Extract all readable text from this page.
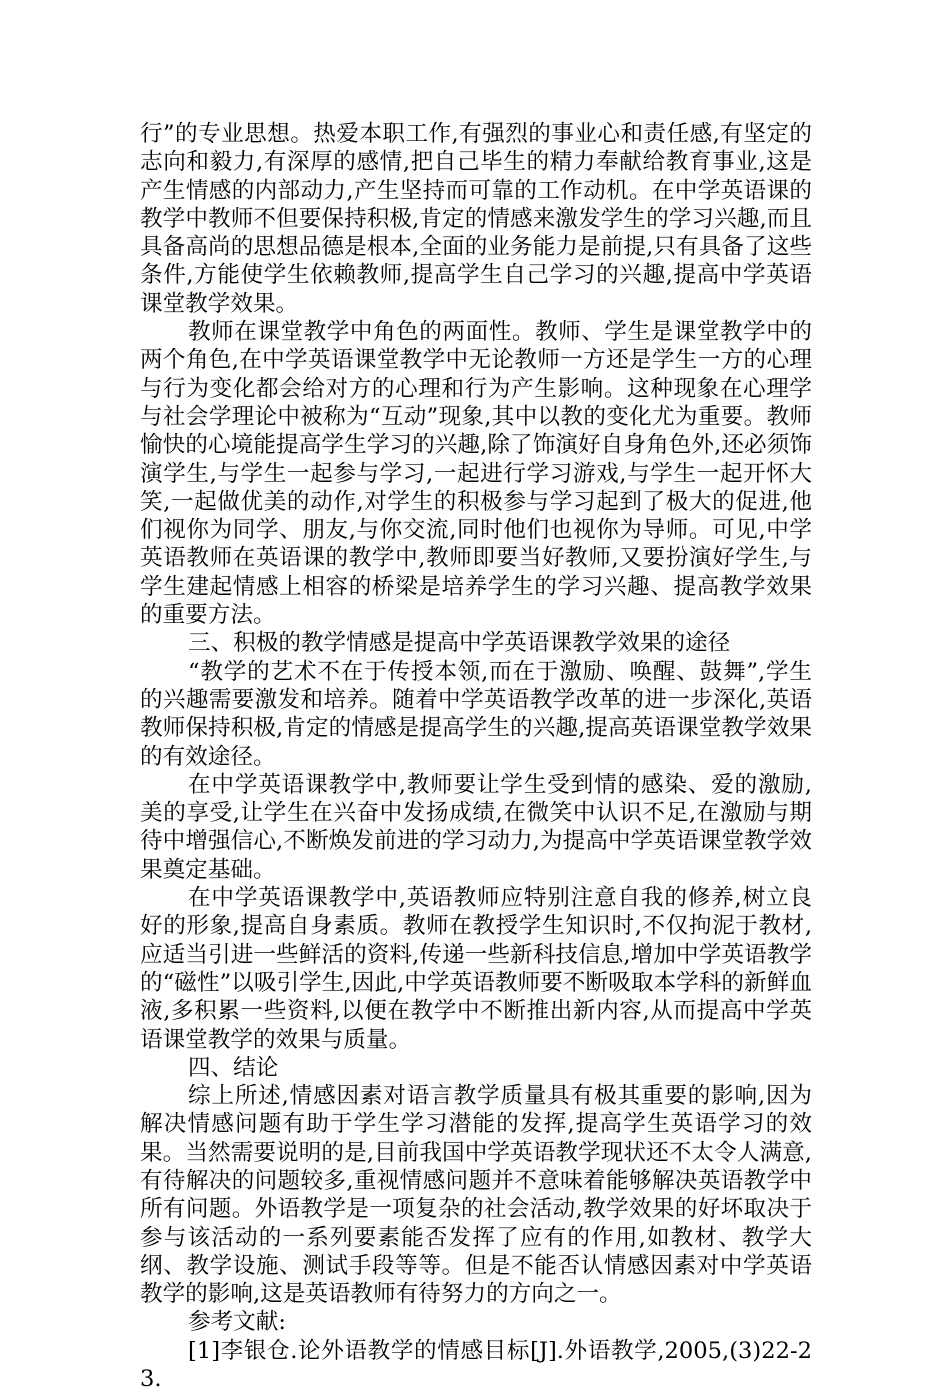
行”的专业思想。热爱本职工作,有强烈的事业心和责任感,有坚定的志向和毅力,有深厚的感情,把自己毕生的精力奉献给教育事业,这是产生情感的内部动力,产生坚持而可靠的工作动机。在中学英语课的教学中教师不但要保持积极,肯定的情感来激发学生的学习兴趣,而且具备高尚的思想品德是根本,全面的业务能力是前提,只有具备了这些条件,方能使学生依赖教师,提高学生自己学习的兴趣,提高中学英语课堂教学效果。

教师在课堂教学中角色的两面性。教师、学生是课堂教学中的两个角色,在中学英语课堂教学中无论教师一方还是学生一方的心理与行为变化都会给对方的心理和行为产生影响。这种现象在心理学与社会学理论中被称为“互动”现象,其中以教的变化尤为重要。教师愉快的心境能提高学生学习的兴趣,除了饰演好自身角色外,还必须饰演学生,与学生一起参与学习,一起进行学习游戏,与学生一起开怀大笑,一起做优美的动作,对学生的积极参与学习起到了极大的促进,他们视你为同学、朋友,与你交流,同时他们也视你为导师。可见,中学英语教师在英语课的教学中,教师即要当好教师,又要扮演好学生,与学生建起情感上相容的桥梁是培养学生的学习兴趣、提高教学效果的重要方法。

三、积极的教学情感是提高中学英语课教学效果的途径

“教学的艺术不在于传授本领,而在于激励、唤醒、鼓舞”,学生的兴趣需要激发和培养。随着中学英语教学改革的进一步深化,英语教师保持积极,肯定的情感是提高学生的兴趣,提高英语课堂教学效果的有效途径。

在中学英语课教学中,教师要让学生受到情的感染、爱的激励,美的享受,让学生在兴奋中发扬成绩,在微笑中认识不足,在激励与期待中增强信心,不断焕发前进的学习动力,为提高中学英语课堂教学效果奠定基础。

在中学英语课教学中,英语教师应特别注意自我的修养,树立良好的形象,提高自身素质。教师在教授学生知识时,不仅拘泥于教材,应适当引进一些鲜活的资料,传递一些新科技信息,增加中学英语教学的“磁性”以吸引学生,因此,中学英语教师要不断吸取本学科的新鲜血液,多积累一些资料,以便在教学中不断推出新内容,从而提高中学英语课堂教学的效果与质量。

四、结论

综上所述,情感因素对语言教学质量具有极其重要的影响,因为解决情感问题有助于学生学习潜能的发挥,提高学生英语学习的效果。当然需要说明的是,目前我国中学英语教学现状还不太令人满意,有待解决的问题较多,重视情感问题并不意味着能够解决英语教学中所有问题。外语教学是一项复杂的社会活动,教学效果的好坏取决于参与该活动的一系列要素能否发挥了应有的作用,如教材、教学大纲、教学设施、测试手段等等。但是不能否认情感因素对中学英语教学的影响,这是英语教师有待努力的方向之一。

参考文献:

[1]李银仓.论外语教学的情感目标[J].外语教学,2005,(3)22-23.
